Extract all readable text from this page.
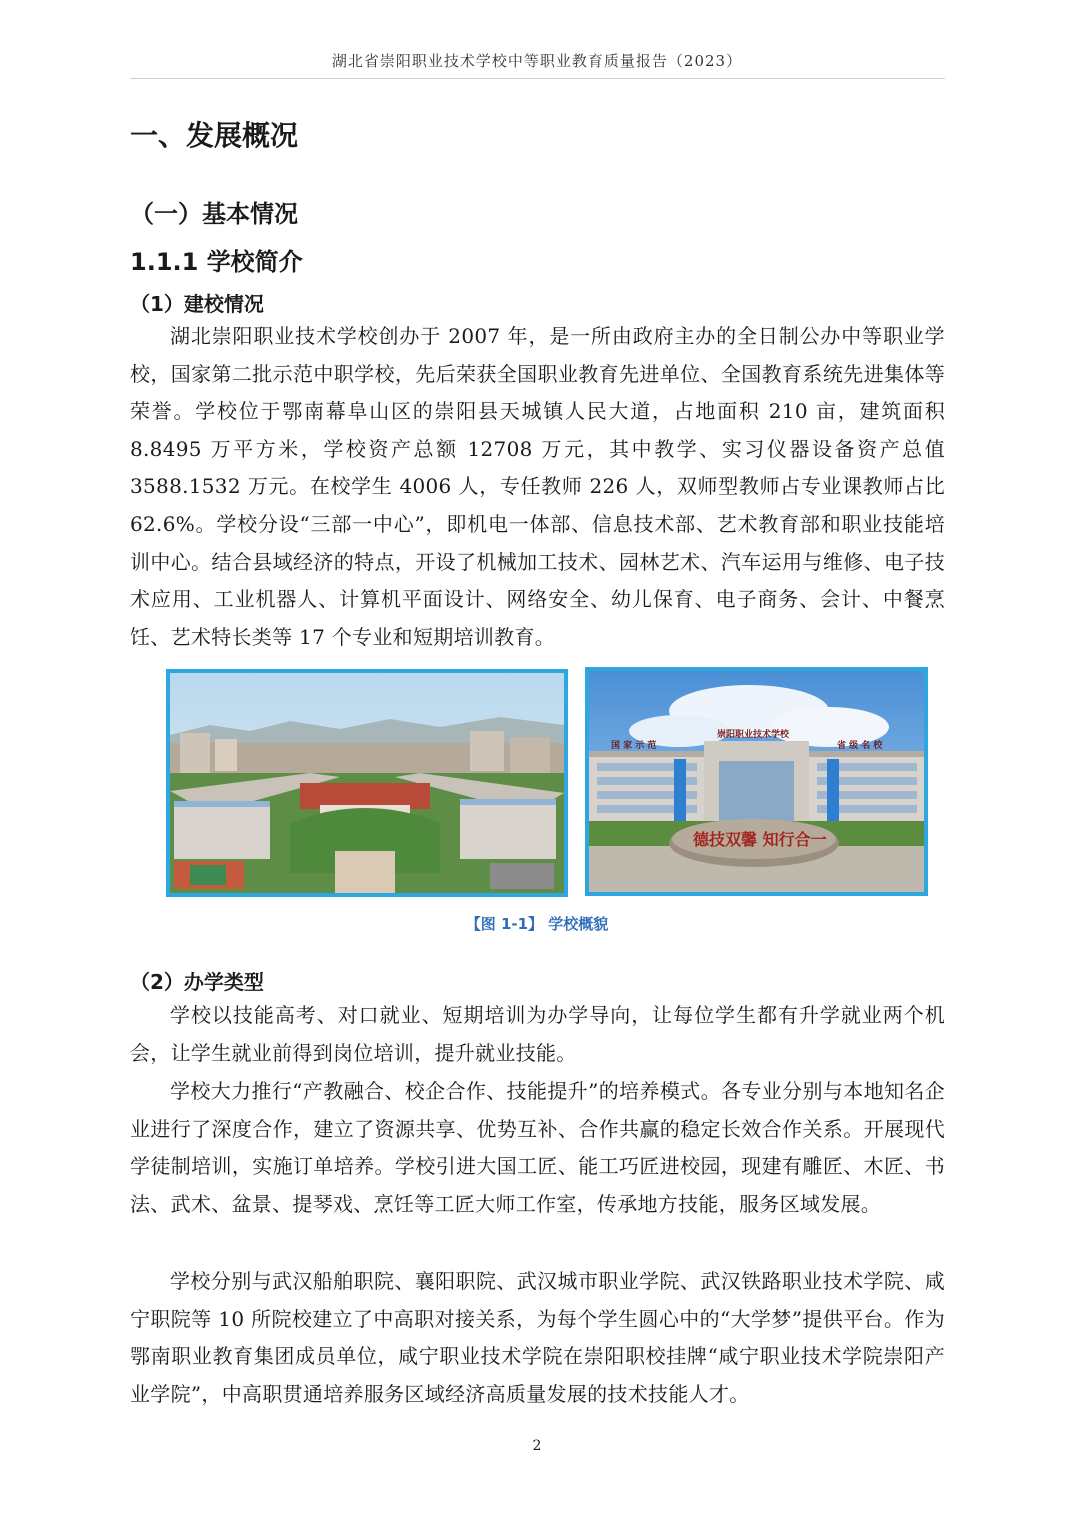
湖北省崇阳职业技术学校中等职业教育质量报告（2023）
一、发展概况
（一）基本情况
1.1.1 学校简介
（1）建校情况

湖北崇阳职业技术学校创办于 2007 年，是一所由政府主办的全日制公办中等职业学校，国家第二批示范中职学校，先后荣获全国职业教育先进单位、全国教育系统先进集体等荣誉。学校位于鄂南幕阜山区的崇阳县天城镇人民大道，占地面积 210 亩，建筑面积 8.8495 万平方米，学校资产总额 12708 万元，其中教学、实习仪器设备资产总值 3588.1532 万元。在校学生 4006 人，专任教师 226 人，双师型教师占专业课教师占比 62.6%。学校分设“三部一中心”，即机电一体部、信息技术部、艺术教育部和职业技能培训中心。结合县域经济的特点，开设了机械加工技术、园林艺术、汽车运用与维修、电子技术应用、工业机器人、计算机平面设计、网络安全、幼儿保育、电子商务、会计、中餐烹饪、艺术特长类等 17 个专业和短期培训教育。

国 家 示 范
崇阳职业技术学校
省 级 名 校
德技双馨 知行合一
【图 1-1】 学校概貌
（2）办学类型

学校以技能高考、对口就业、短期培训为办学导向，让每位学生都有升学就业两个机会，让学生就业前得到岗位培训，提升就业技能。

学校大力推行“产教融合、校企合作、技能提升”的培养模式。各专业分别与本地知名企业进行了深度合作，建立了资源共享、优势互补、合作共赢的稳定长效合作关系。开展现代学徒制培训，实施订单培养。学校引进大国工匠、能工巧匠进校园，现建有雕匠、木匠、书法、武术、盆景、提琴戏、烹饪等工匠大师工作室，传承地方技能，服务区域发展。

学校分别与武汉船舶职院、襄阳职院、武汉城市职业学院、武汉铁路职业技术学院、咸宁职院等 10 所院校建立了中高职对接关系，为每个学生圆心中的“大学梦”提供平台。作为鄂南职业教育集团成员单位，咸宁职业技术学院在崇阳职校挂牌“咸宁职业技术学院崇阳产业学院”，中高职贯通培养服务区域经济高质量发展的技术技能人才。

2
